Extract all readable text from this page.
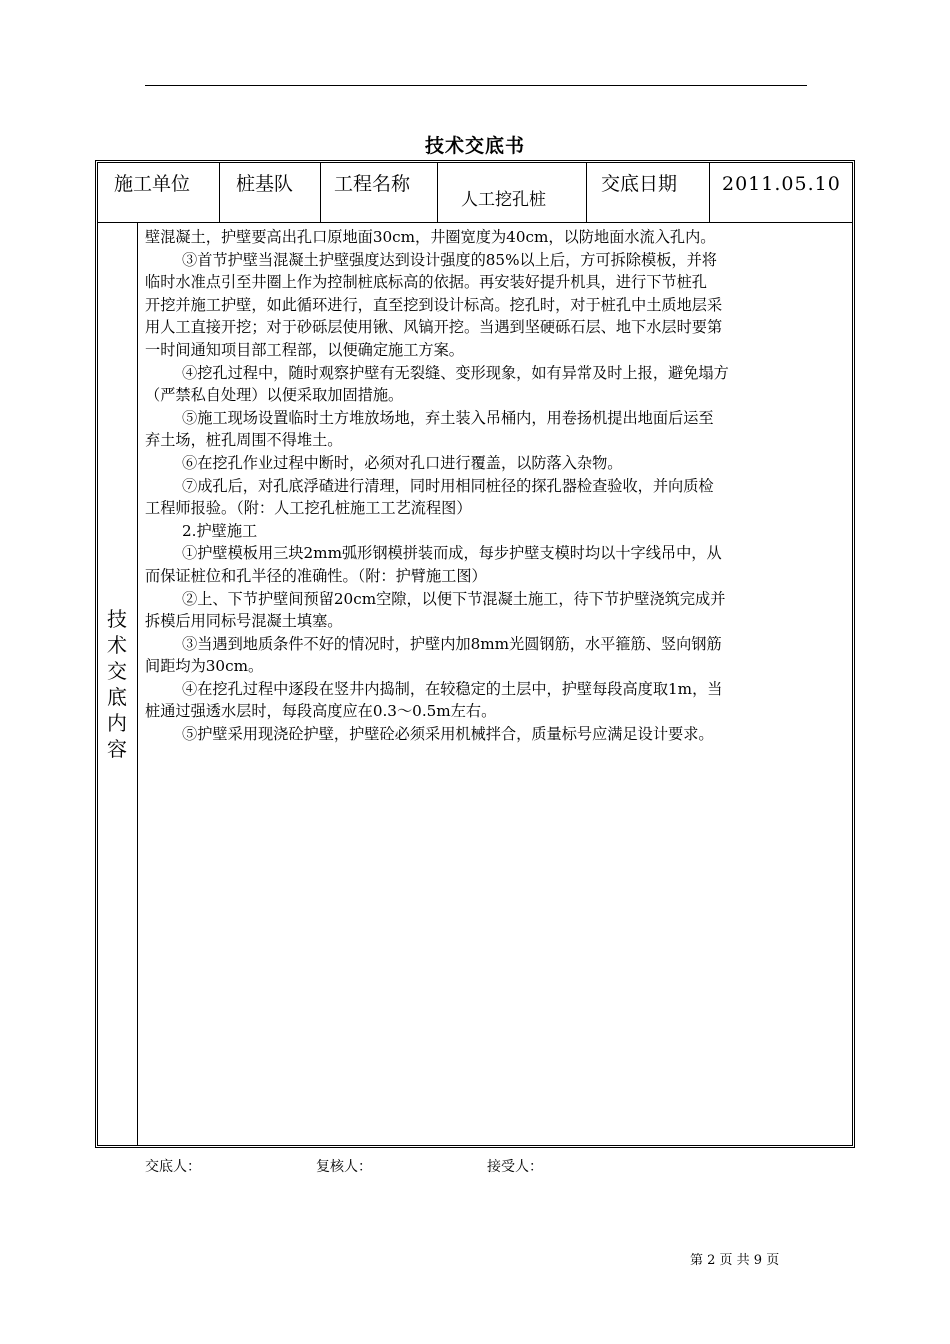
技术交底书
施工单位 桩基队 工程名称
人工挖孔桩
交底日期 2011.05.10
技
术
交
底
内
容

壁混凝土，护壁要高出孔口原地面30cm，井圈宽度为40cm，以防地面水流入孔内。

③首节护壁当混凝土护壁强度达到设计强度的85%以上后，方可拆除模板，并将

临时水准点引至井圈上作为控制桩底标高的依据。再安装好提升机具，进行下节桩孔

开挖并施工护壁，如此循环进行，直至挖到设计标高。挖孔时，对于桩孔中土质地层采

用人工直接开挖；对于砂砾层使用锹、风镐开挖。当遇到坚硬砾石层、地下水层时要第

一时间通知项目部工程部，以便确定施工方案。

④挖孔过程中，随时观察护壁有无裂缝、变形现象，如有异常及时上报，避免塌方

（严禁私自处理）以便采取加固措施。

⑤施工现场设置临时土方堆放场地，弃土装入吊桶内，用卷扬机提出地面后运至

弃土场，桩孔周围不得堆土。

⑥在挖孔作业过程中断时，必须对孔口进行覆盖，以防落入杂物。

⑦成孔后，对孔底浮碴进行清理，同时用相同桩径的探孔器检查验收，并向质检

工程师报验。（附：人工挖孔桩施工工艺流程图）

2.护壁施工

①护壁模板用三块2mm弧形钢模拼装而成，每步护壁支模时均以十字线吊中，从

而保证桩位和孔半径的准确性。（附：护臂施工图）

②上、下节护壁间预留20cm空隙，以便下节混凝土施工，待下节护壁浇筑完成并

拆模后用同标号混凝土填塞。

③当遇到地质条件不好的情况时，护壁内加8mm光圆钢筋，水平箍筋、竖向钢筋

间距均为30cm。

④在挖孔过程中逐段在竖井内捣制，在较稳定的土层中，护壁每段高度取1m，当

桩通过强透水层时，每段高度应在0.3～0.5m左右。

⑤护壁采用现浇砼护壁，护壁砼必须采用机械拌合，质量标号应满足设计要求。

交底人：	复核人：	接受人：
第 2 页 共 9 页
